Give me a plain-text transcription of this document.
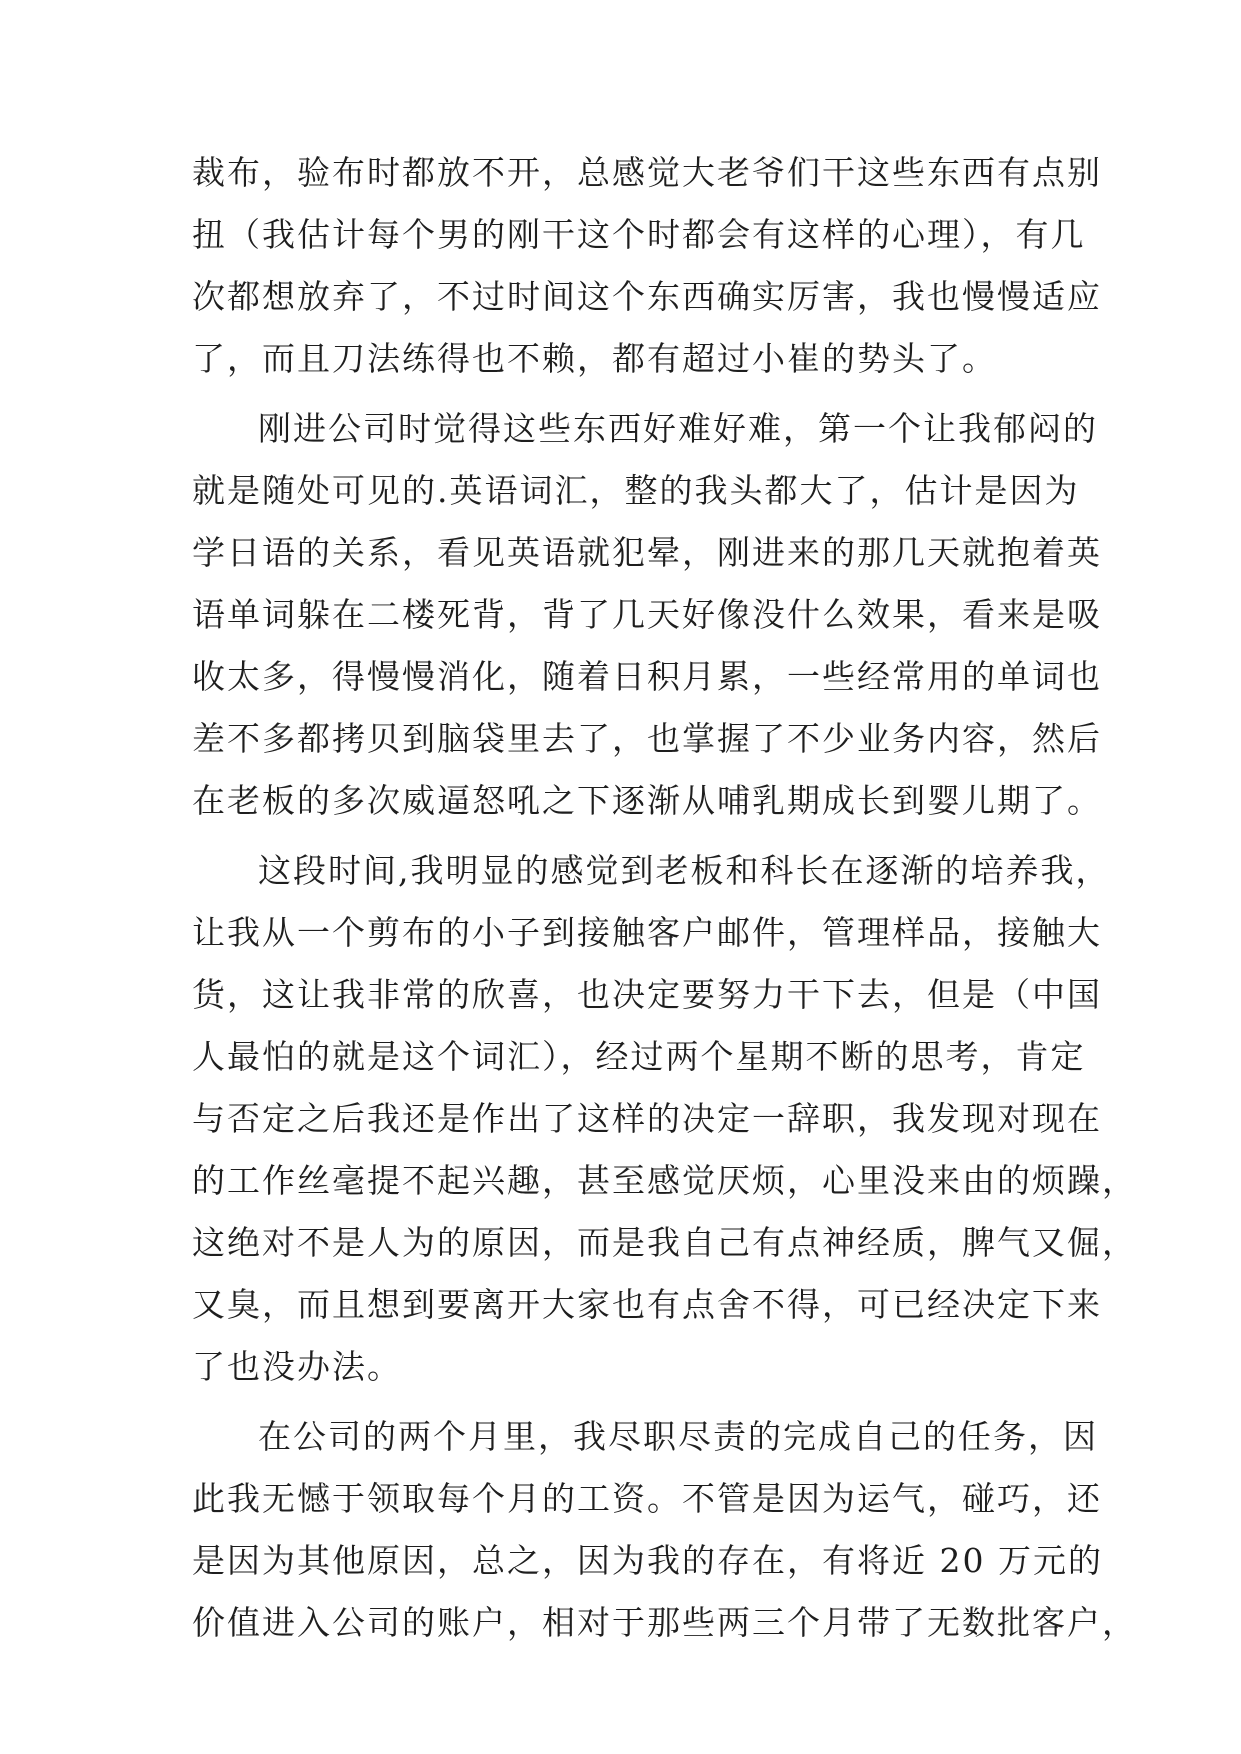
裁布，验布时都放不开，总感觉大老爷们干这些东西有点别
扭（我估计每个男的刚干这个时都会有这样的心理），有几
次都想放弃了，不过时间这个东西确实厉害，我也慢慢适应
了，而且刀法练得也不赖，都有超过小崔的势头了。
刚进公司时觉得这些东西好难好难，第一个让我郁闷的
就是随处可见的.英语词汇，整的我头都大了，估计是因为
学日语的关系，看见英语就犯晕，刚进来的那几天就抱着英
语单词躲在二楼死背，背了几天好像没什么效果，看来是吸
收太多，得慢慢消化，随着日积月累，一些经常用的单词也
差不多都拷贝到脑袋里去了，也掌握了不少业务内容，然后
在老板的多次威逼怒吼之下逐渐从哺乳期成长到婴儿期了。
这段时间,我明显的感觉到老板和科长在逐渐的培养我，
让我从一个剪布的小子到接触客户邮件，管理样品，接触大
货，这让我非常的欣喜，也决定要努力干下去，但是（中国
人最怕的就是这个词汇），经过两个星期不断的思考，肯定
与否定之后我还是作出了这样的决定一辞职，我发现对现在
的工作丝毫提不起兴趣，甚至感觉厌烦，心里没来由的烦躁，
这绝对不是人为的原因，而是我自己有点神经质，脾气又倔，
又臭，而且想到要离开大家也有点舍不得，可已经决定下来
了也没办法。
在公司的两个月里，我尽职尽责的完成自己的任务，因
此我无憾于领取每个月的工资。不管是因为运气，碰巧，还
是因为其他原因，总之，因为我的存在，有将近 20 万元的
价值进入公司的账户，相对于那些两三个月带了无数批客户，
